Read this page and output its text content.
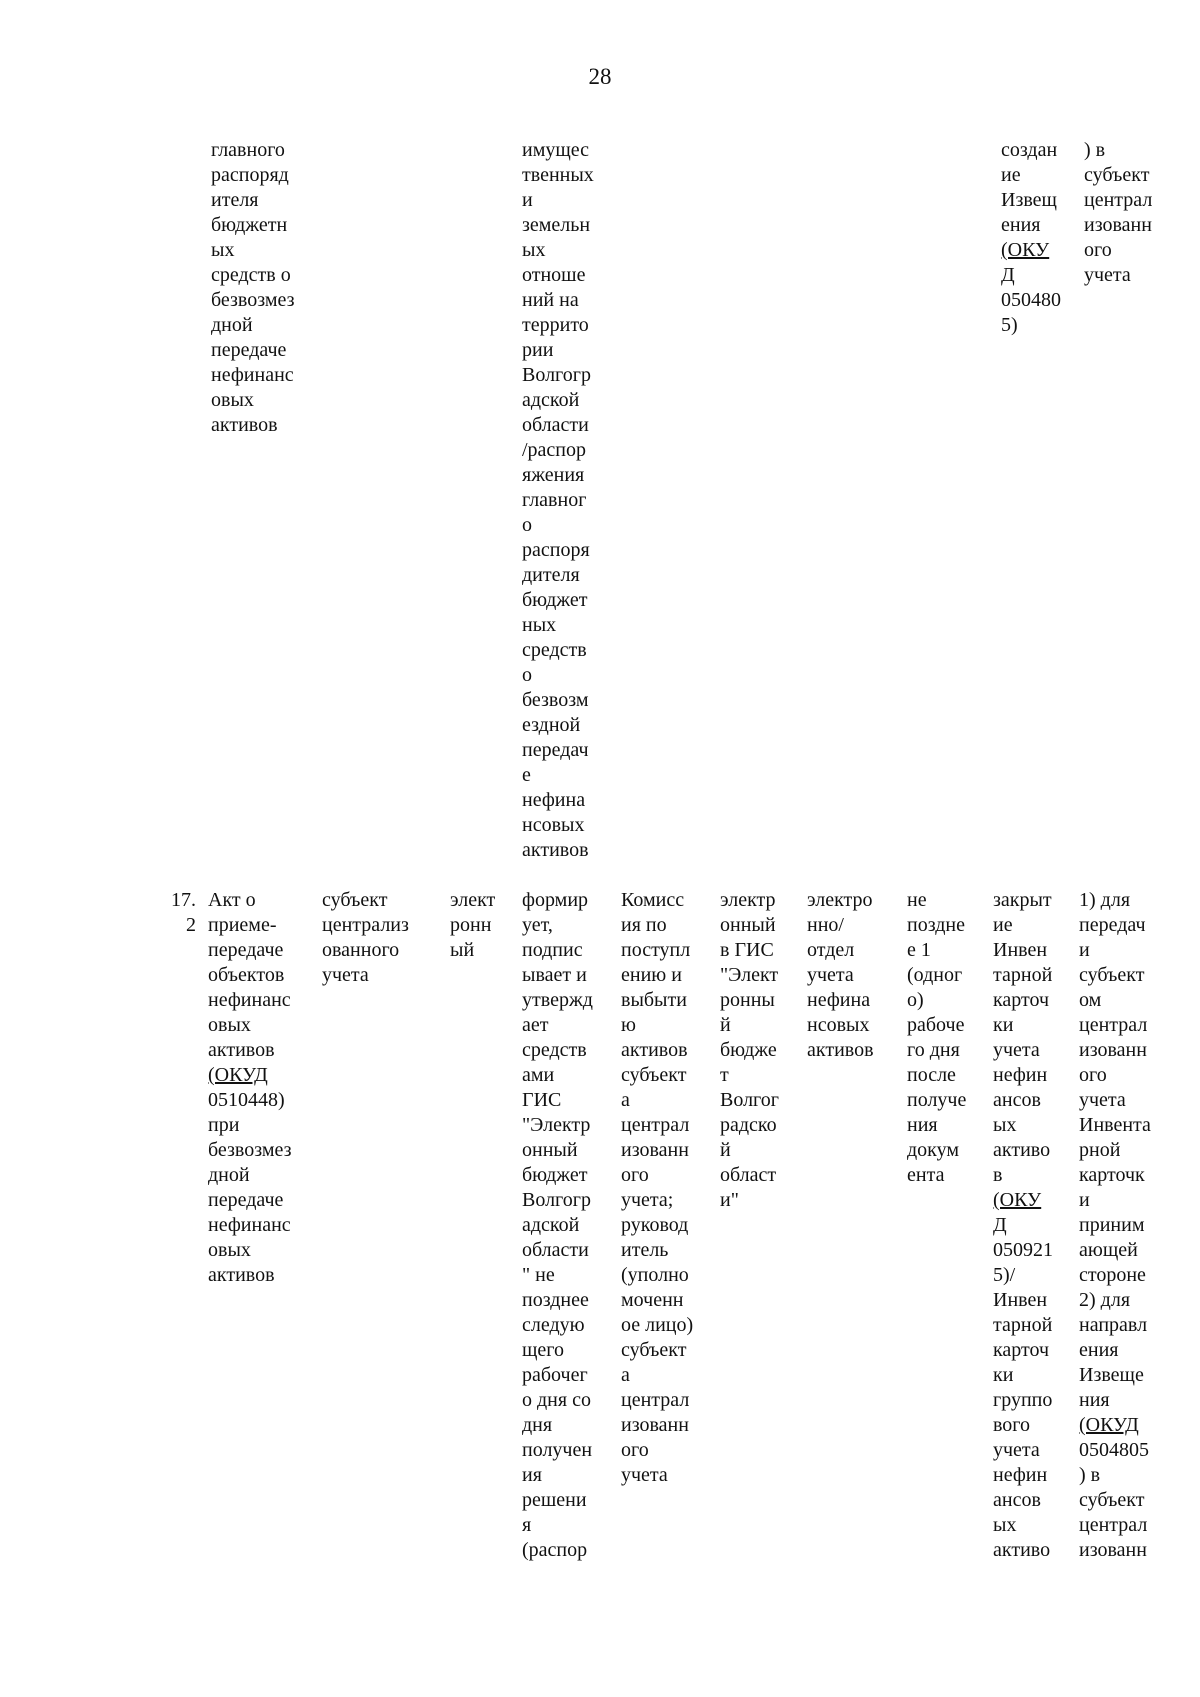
28
главного
распоряд
ителя
бюджетн
ых
средств о
безвозмез
дной
передаче
нефинанс
овых
активов
имущес
твенных
и
земельн
ых
отноше
ний на
террито
рии
Волгогр
адской
области
/распор
яжения
главног
о
распоря
дителя
бюджет
ных
средств
о
безвозм
ездной
передач
е
нефина
нсовых
активов
создан
ие
Извещ
ения
(ОКУ
Д
050480
5)
) в
субъект
централ
изованн
ого
учета
17.
2
Акт о
приеме-
передаче
объектов
нефинанс
овых
активов
(ОКУД
0510448)
при
безвозмез
дной
передаче
нефинанс
овых
активов
субъект
централиз
ованного
учета
элект
ронн
ый
формир
ует,
подпис
ывает и
утвержд
ает
средств
ами
ГИС
"Электр
онный
бюджет
Волгогр
адской
области
" не
позднее
следую
щего
рабочег
о дня со
дня
получен
ия
решени
я
(распор
Комисс
ия по
поступл
ению и
выбыти
ю
активов
субъект
а
централ
изованн
ого
учета;
руковод
итель
(уполно
моченн
ое лицо)
субъект
а
централ
изованн
ого
учета
электр
онный
в ГИС
"Элект
ронны
й
бюдже
т
Волгог
радско
й
област
и"
электро
нно/
отдел
учета
нефина
нсовых
активов
не
поздне
е 1
(одног
о)
рабоче
го дня
после
получе
ния
докум
ента
закрыт
ие
Инвен
тарной
карточ
ки
учета
нефин
ансов
ых
активо
в
(ОКУ
Д
050921
5)/
Инвен
тарной
карточ
ки
группо
вого
учета
нефин
ансов
ых
активо
1) для
передач
и
субъект
ом
централ
изованн
ого
учета
Инвента
рной
карточк
и
приним
ающей
стороне
2) для
направл
ения
Извеще
ния
(ОКУД
0504805
) в
субъект
централ
изованн
